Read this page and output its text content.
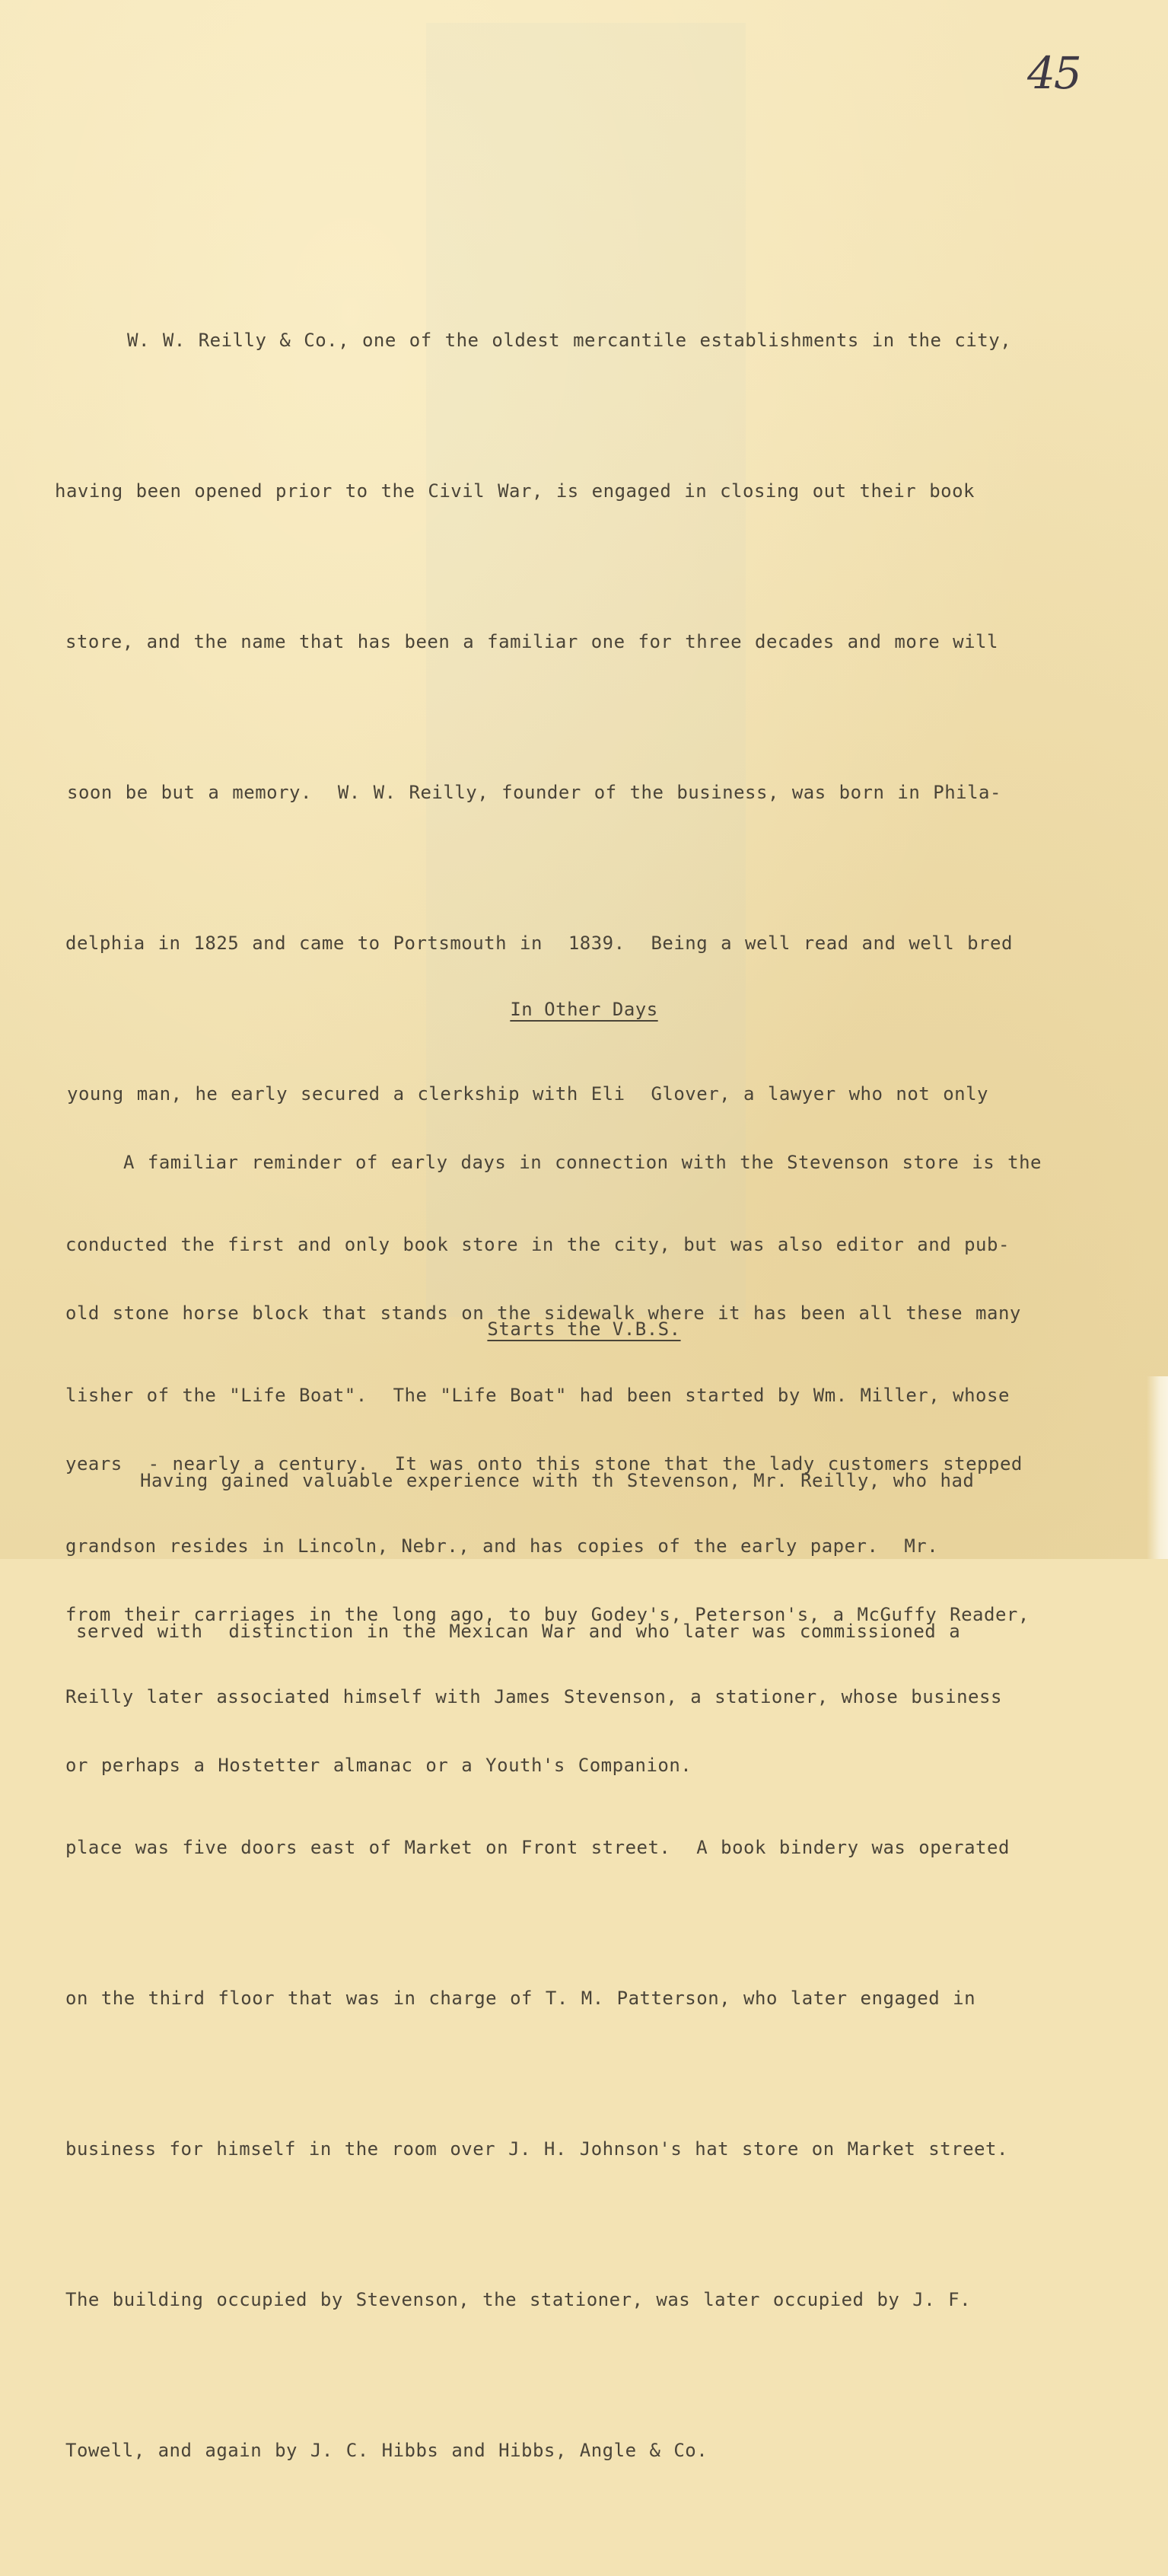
45

W. W. Reilly & Co., one of the oldest mercantile establishments in the city,

having been opened prior to the Civil War, is engaged in closing out their book

store, and the name that has been a familiar one for three decades and more will

soon be but a memory.  W. W. Reilly, founder of the business, was born in Phila-

delphia in 1825 and came to Portsmouth in  1839.  Being a well read and well bred

young man, he early secured a clerkship with Eli  Glover, a lawyer who not only

conducted the first and only book store in the city, but was also editor and pub-

lisher of the "Life Boat".  The "Life Boat" had been started by Wm. Miller, whose

grandson resides in Lincoln, Nebr., and has copies of the early paper.  Mr.

Reilly later associated himself with James Stevenson, a stationer, whose business

place was five doors east of Market on Front street.  A book bindery was operated

on the third floor that was in charge of T. M. Patterson, who later engaged in

business for himself in the room over J. H. Johnson's hat store on Market street.

The building occupied by Stevenson, the stationer, was later occupied by J. F.

Towell, and again by J. C. Hibbs and Hibbs, Angle & Co.

In Other Days

A familiar reminder of early days in connection with the Stevenson store is the

old stone horse block that stands on the sidewalk where it has been all these many

years  - nearly a century.  It was onto this stone that the lady customers stepped

from their carriages in the long ago, to buy Godey's, Peterson's, a McGuffy Reader,

or perhaps a Hostetter almanac or a Youth's Companion.

Starts the V.B.S.

Having gained valuable experience with th Stevenson, Mr. Reilly, who had

served with  distinction in the Mexican War and who later was commissioned a
